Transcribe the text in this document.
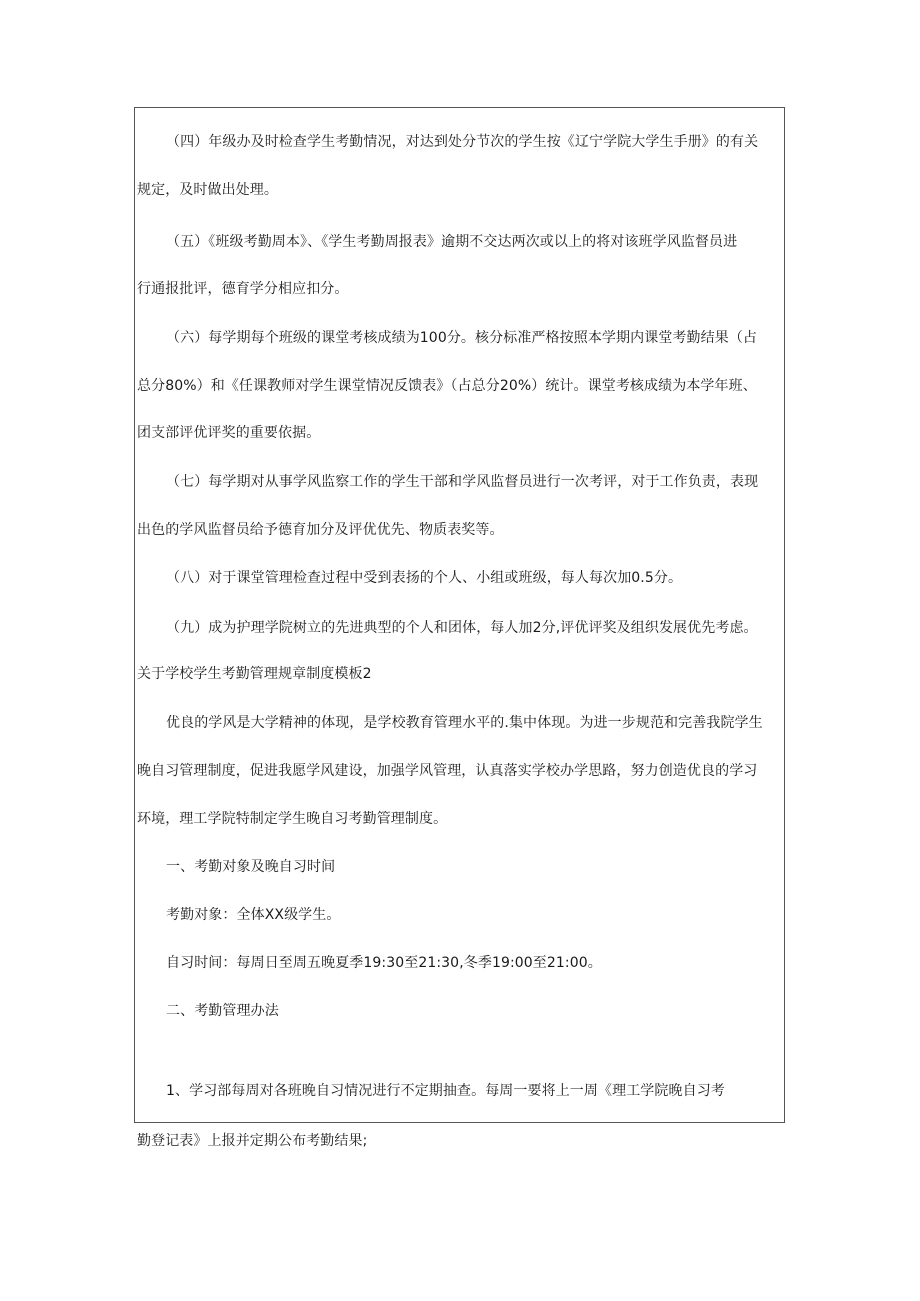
（四）年级办及时检查学生考勤情况，对达到处分节次的学生按《辽宁学院大学生手册》的有关
规定，及时做出处理。
（五）《班级考勤周本》、《学生考勤周报表》逾期不交达两次或以上的将对该班学风监督员进
行通报批评，德育学分相应扣分。
（六）每学期每个班级的课堂考核成绩为100分。核分标准严格按照本学期内课堂考勤结果（占
总分80%）和《任课教师对学生课堂情况反馈表》（占总分20%）统计。课堂考核成绩为本学年班、
团支部评优评奖的重要依据。
（七）每学期对从事学风监察工作的学生干部和学风监督员进行一次考评，对于工作负责，表现
出色的学风监督员给予德育加分及评优优先、物质表奖等。
（八）对于课堂管理检查过程中受到表扬的个人、小组或班级，每人每次加0.5分。
（九）成为护理学院树立的先进典型的个人和团体，每人加2分,评优评奖及组织发展优先考虑。
关于学校学生考勤管理规章制度模板2
优良的学风是大学精神的体现，是学校教育管理水平的.集中体现。为进一步规范和完善我院学生
晚自习管理制度，促进我愿学风建设，加强学风管理，认真落实学校办学思路，努力创造优良的学习
环境，理工学院特制定学生晚自习考勤管理制度。
一、考勤对象及晚自习时间
考勤对象：全体XX级学生。
自习时间：每周日至周五晚夏季19:30至21:30,冬季19:00至21:00。
二、考勤管理办法
1、学习部每周对各班晚自习情况进行不定期抽查。每周一要将上一周《理工学院晚自习考
勤登记表》上报并定期公布考勤结果;
